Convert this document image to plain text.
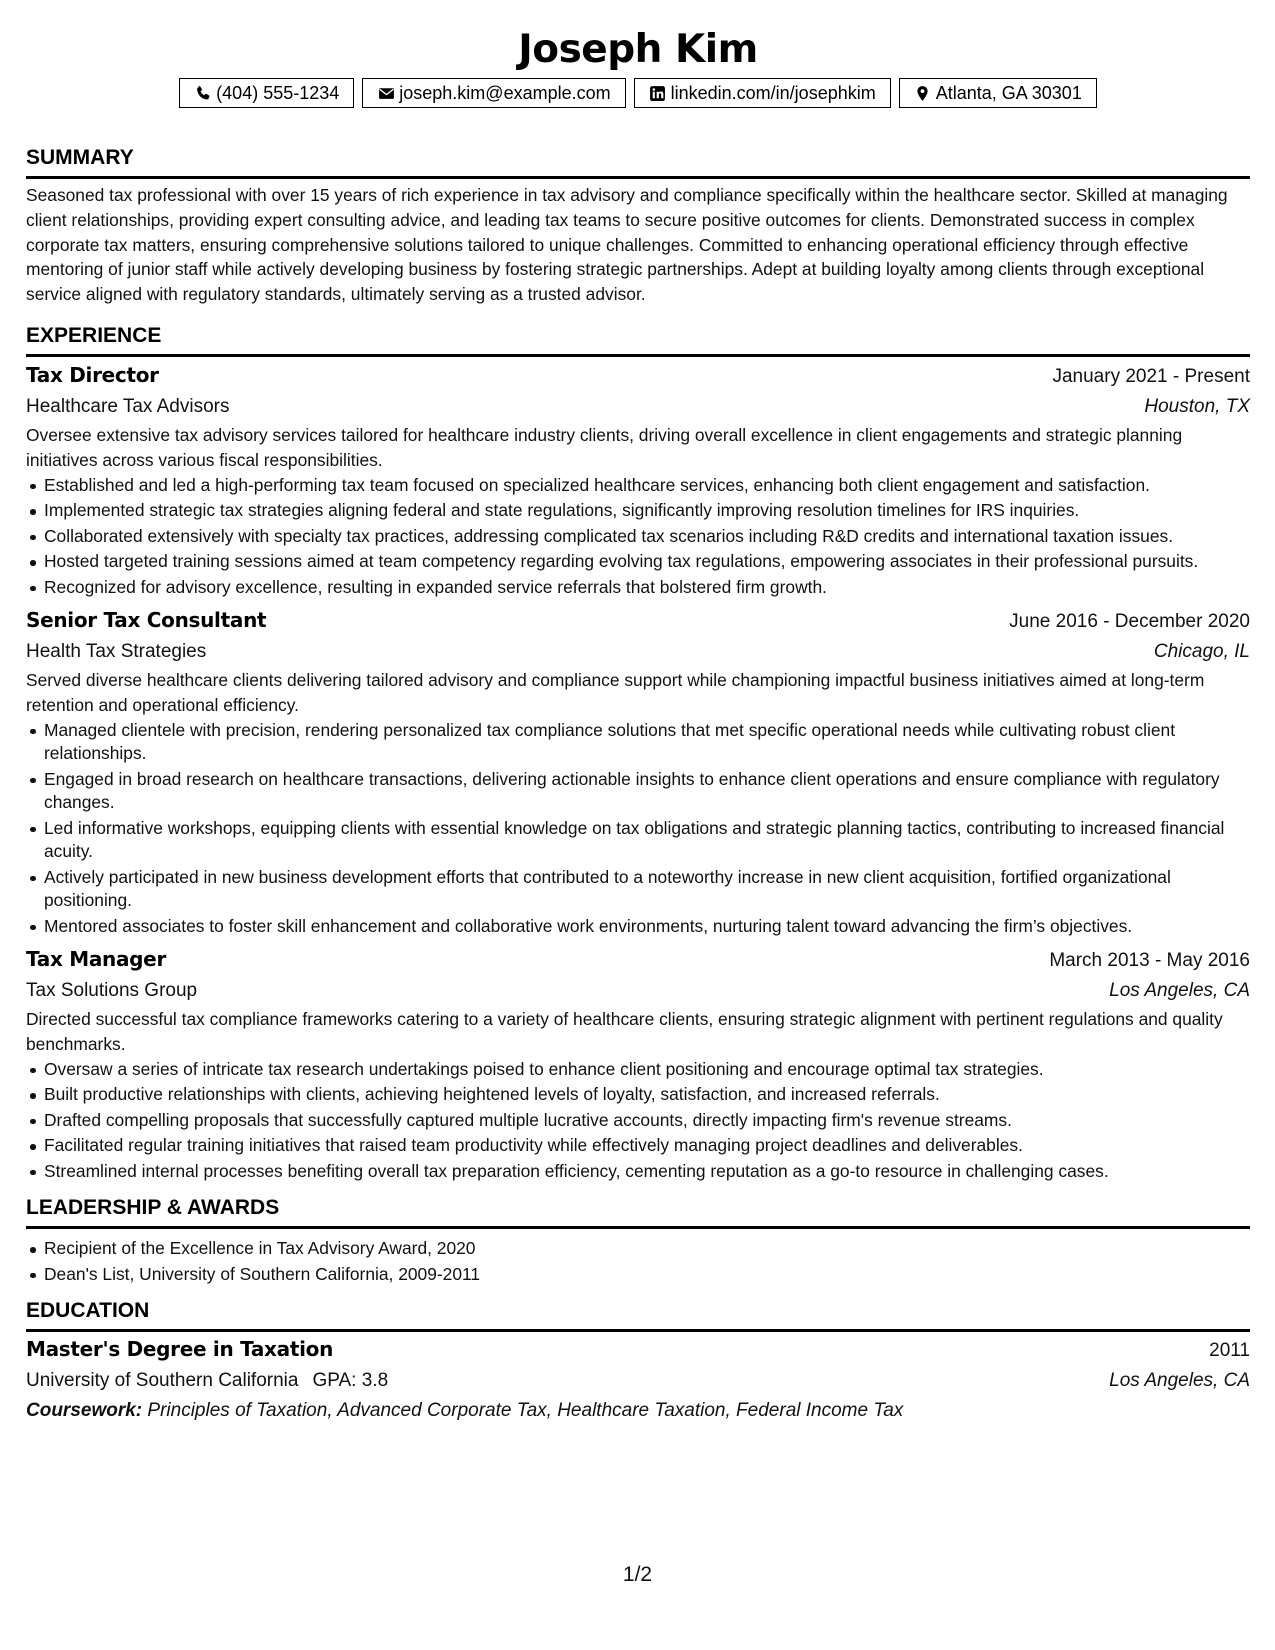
Joseph Kim
(404) 555-1234	joseph.kim@example.com	linkedin.com/in/josephkim	Atlanta, GA 30301
SUMMARY

Seasoned tax professional with over 15 years of rich experience in tax advisory and compliance specifically within the healthcare sector. Skilled at managing client relationships, providing expert consulting advice, and leading tax teams to secure positive outcomes for clients. Demonstrated success in complex corporate tax matters, ensuring comprehensive solutions tailored to unique challenges. Committed to enhancing operational efficiency through effective mentoring of junior staff while actively developing business by fostering strategic partnerships. Adept at building loyalty among clients through exceptional service aligned with regulatory standards, ultimately serving as a trusted advisor.

EXPERIENCE
Tax Director	January 2021 - Present
Healthcare Tax Advisors	Houston, TX

Oversee extensive tax advisory services tailored for healthcare industry clients, driving overall excellence in client engagements and strategic planning initiatives across various fiscal responsibilities.

Established and led a high-performing tax team focused on specialized healthcare services, enhancing both client engagement and satisfaction.
Implemented strategic tax strategies aligning federal and state regulations, significantly improving resolution timelines for IRS inquiries.
Collaborated extensively with specialty tax practices, addressing complicated tax scenarios including R&D credits and international taxation issues.
Hosted targeted training sessions aimed at team competency regarding evolving tax regulations, empowering associates in their professional pursuits.
Recognized for advisory excellence, resulting in expanded service referrals that bolstered firm growth.
Senior Tax Consultant	June 2016 - December 2020
Health Tax Strategies	Chicago, IL

Served diverse healthcare clients delivering tailored advisory and compliance support while championing impactful business initiatives aimed at long-term retention and operational efficiency.

Managed clientele with precision, rendering personalized tax compliance solutions that met specific operational needs while cultivating robust client relationships.
Engaged in broad research on healthcare transactions, delivering actionable insights to enhance client operations and ensure compliance with regulatory changes.
Led informative workshops, equipping clients with essential knowledge on tax obligations and strategic planning tactics, contributing to increased financial acuity.
Actively participated in new business development efforts that contributed to a noteworthy increase in new client acquisition, fortified organizational positioning.
Mentored associates to foster skill enhancement and collaborative work environments, nurturing talent toward advancing the firm’s objectives.
Tax Manager	March 2013 - May 2016
Tax Solutions Group	Los Angeles, CA

Directed successful tax compliance frameworks catering to a variety of healthcare clients, ensuring strategic alignment with pertinent regulations and quality benchmarks.

Oversaw a series of intricate tax research undertakings poised to enhance client positioning and encourage optimal tax strategies.
Built productive relationships with clients, achieving heightened levels of loyalty, satisfaction, and increased referrals.
Drafted compelling proposals that successfully captured multiple lucrative accounts, directly impacting firm's revenue streams.
Facilitated regular training initiatives that raised team productivity while effectively managing project deadlines and deliverables.
Streamlined internal processes benefiting overall tax preparation efficiency, cementing reputation as a go-to resource in challenging cases.
LEADERSHIP & AWARDS
Recipient of the Excellence in Tax Advisory Award, 2020
Dean's List, University of Southern California, 2009-2011
EDUCATION
Master's Degree in Taxation	2011
University of Southern California GPA: 3.8	Los Angeles, CA
Coursework: Principles of Taxation, Advanced Corporate Tax, Healthcare Taxation, Federal Income Tax
1/2
